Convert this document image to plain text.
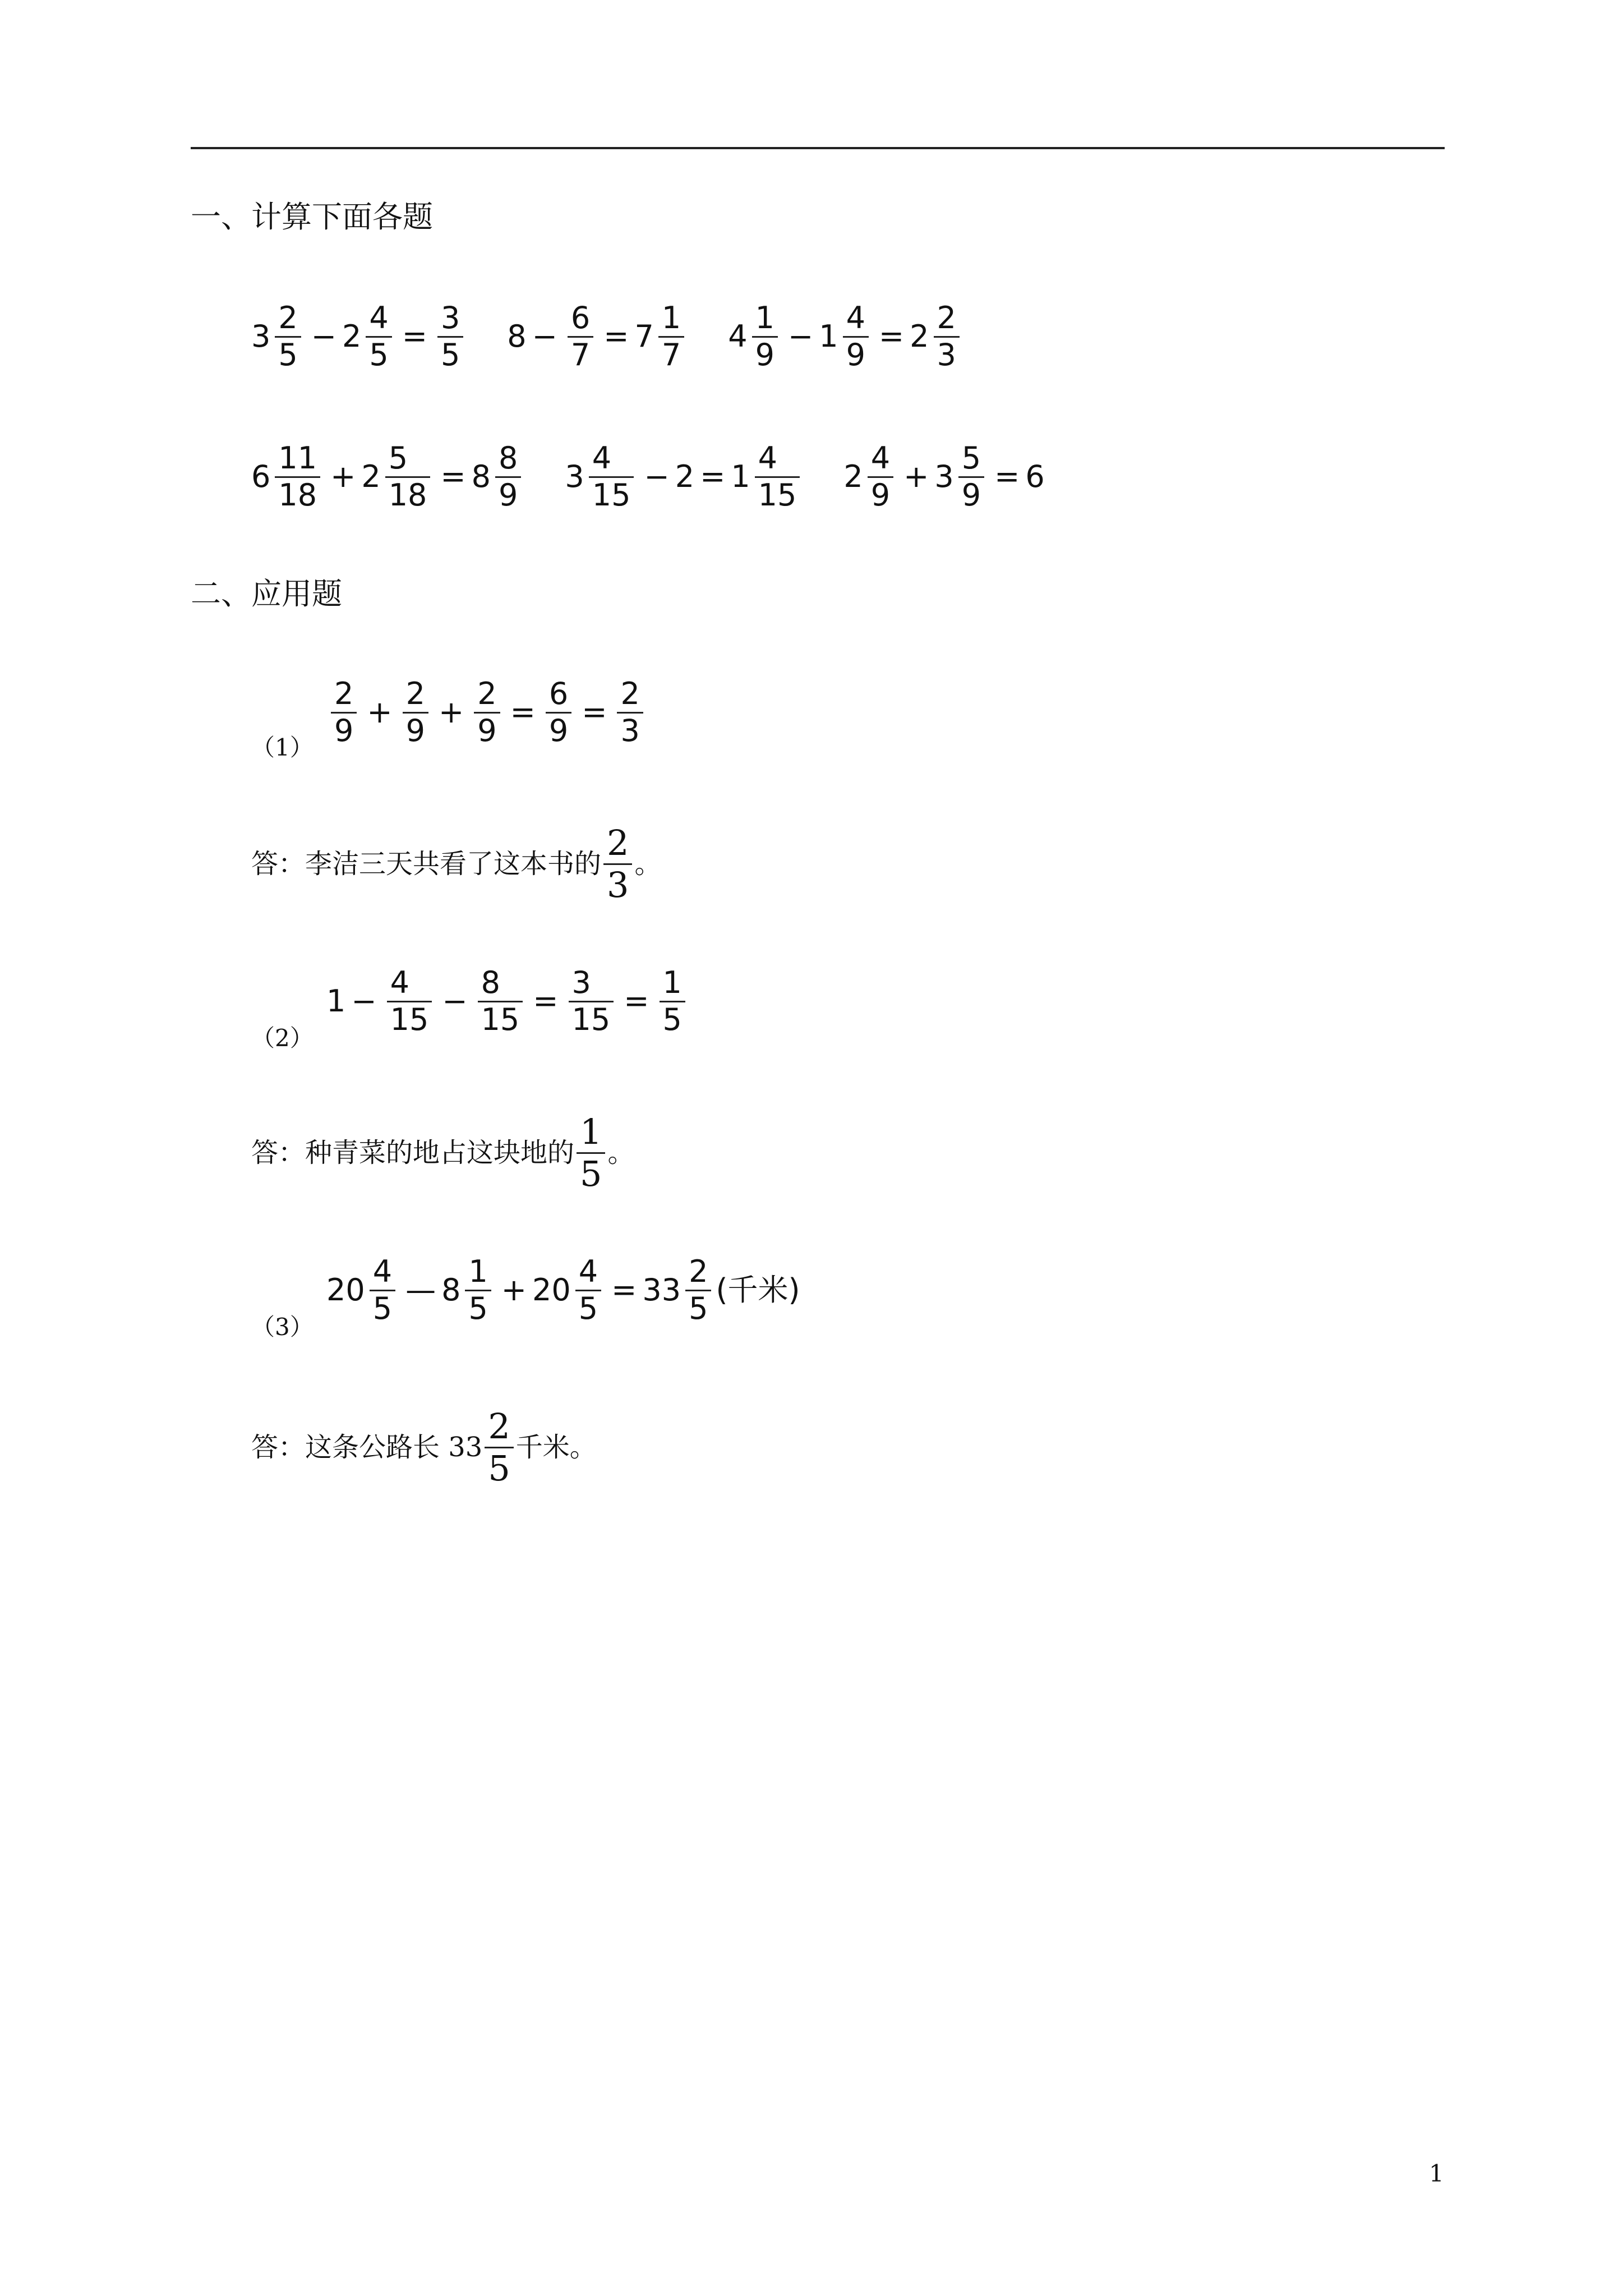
一、计算下面各题
$3 \frac{2}{5} - 2 \frac{4}{5} = \frac{3}{5} 8 - \frac{6}{7} = 7 \frac{1}{7} 4 \frac{1}{9} - 1 \frac{4}{9} = 2 \frac{2}{3}$
$6 \frac{11}{18} + 2 \frac{5}{18} = 8 \frac{8}{9} 3 \frac{4}{15} - 2 = 1 \frac{4}{15} 2 \frac{4}{9} + 3 \frac{5}{9} = 6$
二、应用题
$(1) \frac{2}{9} + \frac{2}{9} + \frac{2}{9} = \frac{6}{9} = \frac{2}{3}$
答：李洁三天共看了这本书的 $\frac{2}{3}$ 。
（2）
$1 - \frac{4}{15} - \frac{8}{15} = \frac{3}{15} = \frac{1}{5}$
答：种青菜的地占这块地的 $\frac{1}{5}$ 。
（3）
$20 \frac{4}{5}$ — $8 \frac{1}{5} + 20 \frac{4}{5} = 33 \frac{2}{5}$ (千米)
答：这条公路长 $33 \frac{2}{5}$ 千米。
1
